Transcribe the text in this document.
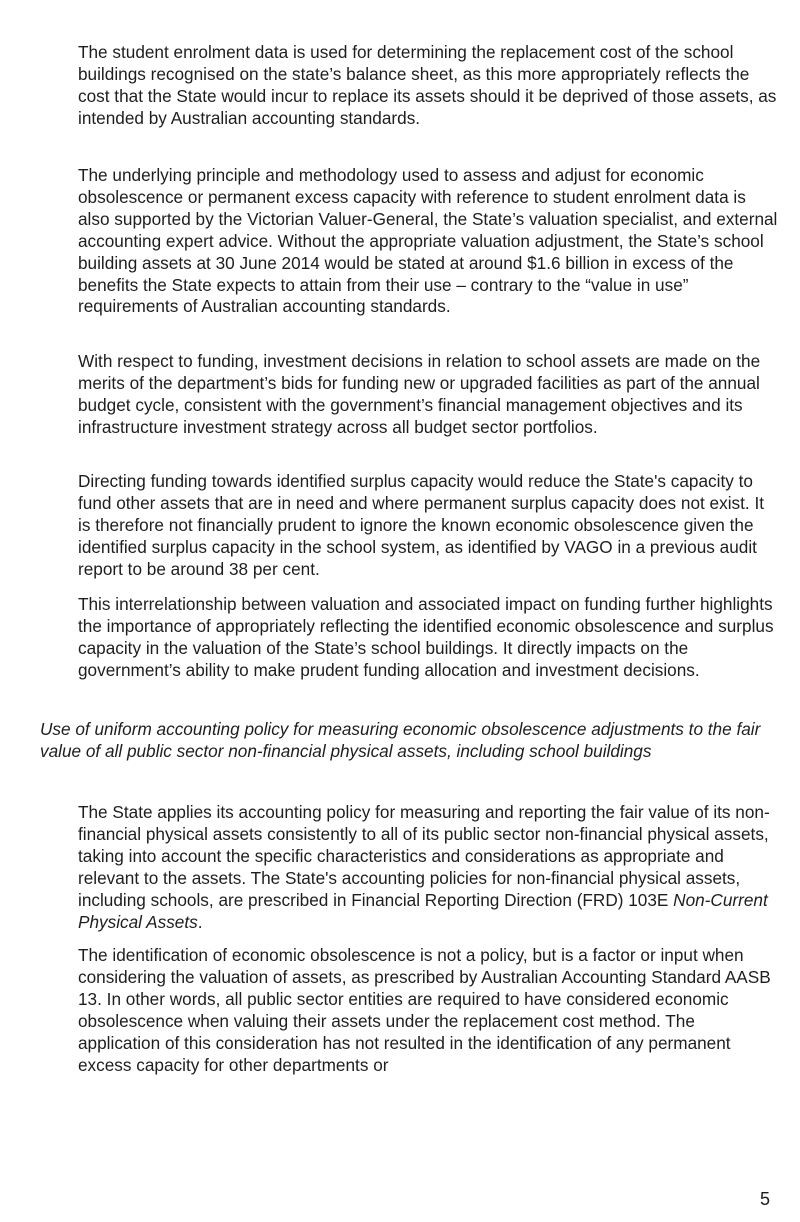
The student enrolment data is used for determining the replacement cost of the school buildings recognised on the state’s balance sheet, as this more appropriately reflects the cost that the State would incur to replace its assets should it be deprived of those assets, as intended by Australian accounting standards.

The underlying principle and methodology used to assess and adjust for economic obsolescence or permanent excess capacity with reference to student enrolment data is also supported by the Victorian Valuer-General, the State’s valuation specialist, and external accounting expert advice. Without the appropriate valuation adjustment, the State’s school building assets at 30 June 2014 would be stated at around $1.6 billion in excess of the benefits the State expects to attain from their use – contrary to the “value in use” requirements of Australian accounting standards.

With respect to funding, investment decisions in relation to school assets are made on the merits of the department’s bids for funding new or upgraded facilities as part of the annual budget cycle, consistent with the government’s financial management objectives and its infrastructure investment strategy across all budget sector portfolios.

Directing funding towards identified surplus capacity would reduce the State's capacity to fund other assets that are in need and where permanent surplus capacity does not exist. It is therefore not financially prudent to ignore the known economic obsolescence given the identified surplus capacity in the school system, as identified by VAGO in a previous audit report to be around 38 per cent.

This interrelationship between valuation and associated impact on funding further highlights the importance of appropriately reflecting the identified economic obsolescence and surplus capacity in the valuation of the State’s school buildings. It directly impacts on the government’s ability to make prudent funding allocation and investment decisions.

Use of uniform accounting policy for measuring economic obsolescence adjustments to the fair value of all public sector non-financial physical assets, including school buildings

The State applies its accounting policy for measuring and reporting the fair value of its non-financial physical assets consistently to all of its public sector non-financial physical assets, taking into account the specific characteristics and considerations as appropriate and relevant to the assets. The State's accounting policies for non-financial physical assets, including schools, are prescribed in Financial Reporting Direction (FRD) 103E Non-Current Physical Assets.

The identification of economic obsolescence is not a policy, but is a factor or input when considering the valuation of assets, as prescribed by Australian Accounting Standard AASB 13. In other words, all public sector entities are required to have considered economic obsolescence when valuing their assets under the replacement cost method. The application of this consideration has not resulted in the identification of any permanent excess capacity for other departments or

5
